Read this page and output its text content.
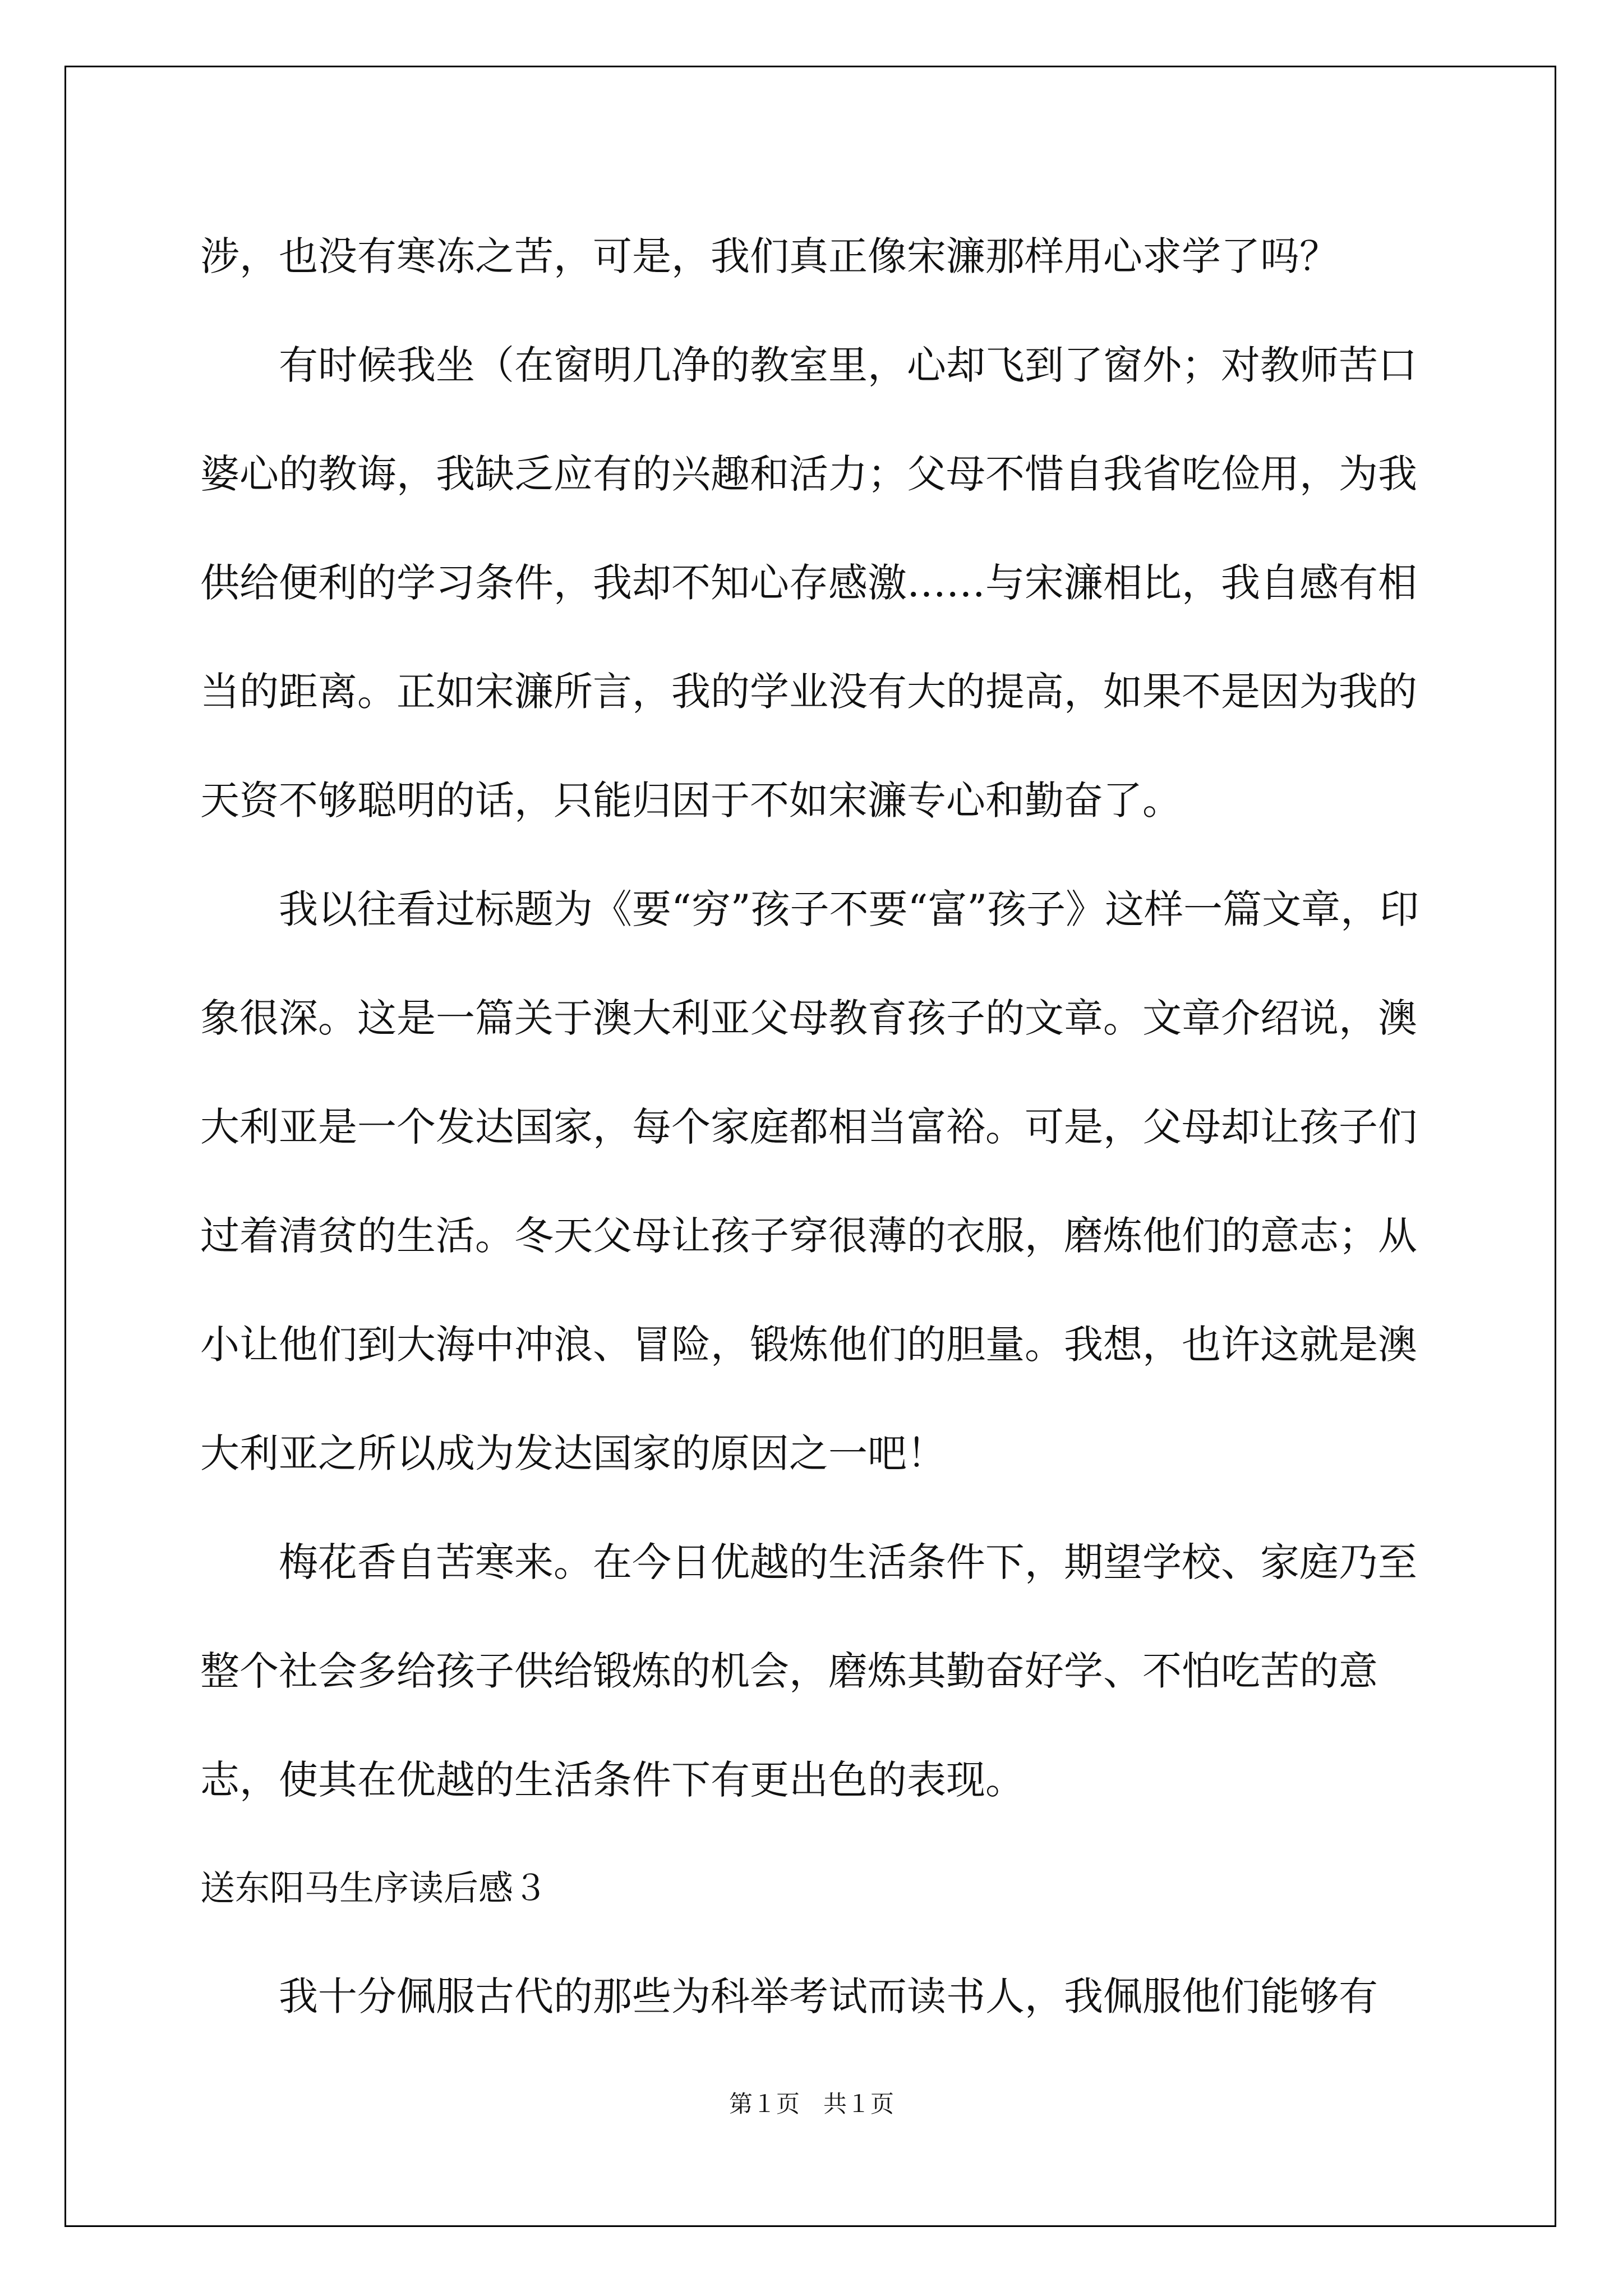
涉，也没有寒冻之苦，可是，我们真正像宋濂那样用心求学了吗？

有时候我坐（在窗明几净的教室里，心却飞到了窗外；对教师苦口婆心的教诲，我缺乏应有的兴趣和活力；父母不惜自我省吃俭用，为我供给便利的学习条件，我却不知心存感激……与宋濂相比，我自感有相当的距离。正如宋濂所言，我的学业没有大的提高，如果不是因为我的天资不够聪明的话，只能归因于不如宋濂专心和勤奋了。

我以往看过标题为《要“穷”孩子不要“富”孩子》这样一篇文章，印象很深。这是一篇关于澳大利亚父母教育孩子的文章。文章介绍说，澳大利亚是一个发达国家，每个家庭都相当富裕。可是，父母却让孩子们过着清贫的生活。冬天父母让孩子穿很薄的衣服，磨炼他们的意志；从小让他们到大海中冲浪、冒险，锻炼他们的胆量。我想，也许这就是澳大利亚之所以成为发达国家的原因之一吧！

梅花香自苦寒来。在今日优越的生活条件下，期望学校、家庭乃至整个社会多给孩子供给锻炼的机会，磨炼其勤奋好学、不怕吃苦的意志，使其在优越的生活条件下有更出色的表现。

送东阳马生序读后感３

我十分佩服古代的那些为科举考试而读书人，我佩服他们能够有

第１页　共１页
